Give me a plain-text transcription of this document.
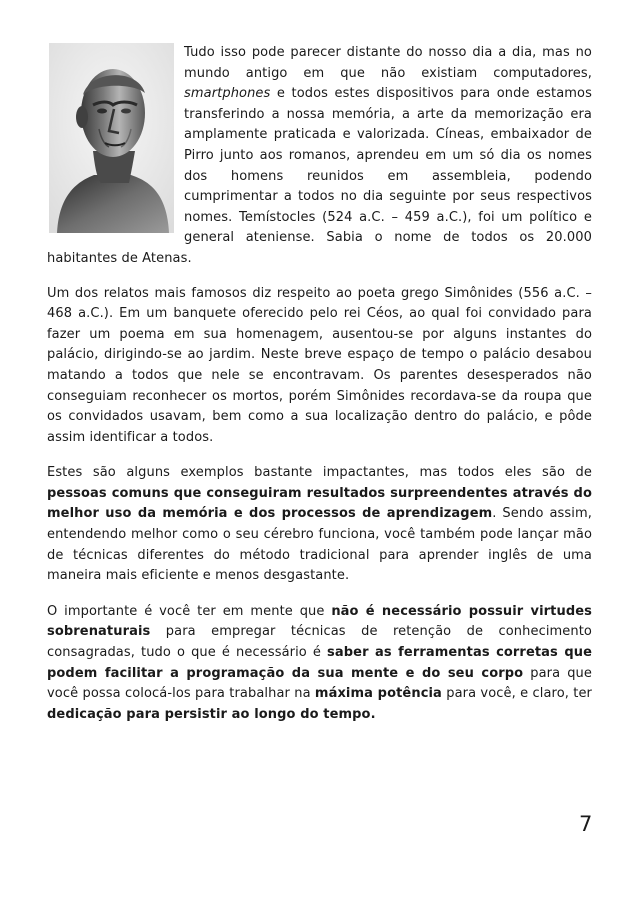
Tudo isso pode parecer distante do nosso dia a dia, mas no mundo antigo em que não existiam computadores, smartphones e todos estes dispositivos para onde estamos transferindo a nossa memória, a arte da memorização era amplamente praticada e valorizada. Cíneas, embaixador de Pirro junto aos romanos, aprendeu em um só dia os nomes dos homens reunidos em assembleia, podendo cumprimentar a todos no dia seguinte por seus respectivos nomes. Temístocles (524 a.C. – 459 a.C.), foi um político e general ateniense. Sabia o nome de todos os 20.000 habitantes de Atenas.

Um dos relatos mais famosos diz respeito ao poeta grego Simônides (556 a.C. – 468 a.C.). Em um banquete oferecido pelo rei Céos, ao qual foi convidado para fazer um poema em sua homenagem, ausentou-se por alguns instantes do palácio, dirigindo-se ao jardim. Neste breve espaço de tempo o palácio desabou matando a todos que nele se encontravam. Os parentes desesperados não conseguiam reconhecer os mortos, porém Simônides recordava-se da roupa que os convidados usavam, bem como a sua localização dentro do palácio, e pôde assim identificar a todos.

Estes são alguns exemplos bastante impactantes, mas todos eles são de pessoas comuns que conseguiram resultados surpreendentes através do melhor uso da memória e dos processos de aprendizagem. Sendo assim, entendendo melhor como o seu cérebro funciona, você também pode lançar mão de técnicas diferentes do método tradicional para aprender inglês de uma maneira mais eficiente e menos desgastante.

O importante é você ter em mente que não é necessário possuir virtudes sobrenaturais para empregar técnicas de retenção de conhecimento consagradas, tudo o que é necessário é saber as ferramentas corretas que podem facilitar a programação da sua mente e do seu corpo para que você possa colocá-los para trabalhar na máxima potência para você, e claro, ter dedicação para persistir ao longo do tempo.

7
